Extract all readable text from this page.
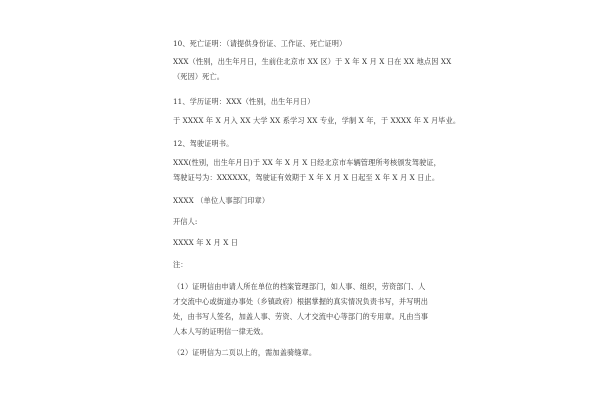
10、死亡证明：（请提供身份证、工作证、死亡证明）
XXX（性别，出生年月日，生前住北京市 XX 区）于 X 年 X 月 X 日在 XX 地点因 XX
（死因）死亡。
11、学历证明：XXX（性别，出生年月日）
于 XXXX 年 X 月入 XX 大学 XX 系学习 XX 专业，学制 X 年，于 XXXX 年 X 月毕业。
12、驾驶证明书。
XXX(性别，出生年月日)于 XX 年 X 月 X 日经北京市车辆管理所考核颁发驾驶证，
驾驶证号为：XXXXXX，驾驶证有效期于 X 年 X 月 X 日起至 X 年 X 月 X 日止。
XXXX （单位人事部门印章）
开信人:
XXXX 年 X 月 X 日
注：
（1）证明信由申请人所在单位的档案管理部门，如人事、组织，劳资部门、人
才交流中心或街道办事处（乡镇政府）根据掌握的真实情况负责书写，并写明出
处，由书写人签名，加盖人事、劳资、人才交流中心等部门的专用章。凡由当事
人本人写的证明信一律无效。
（2）证明信为二页以上的，需加盖骑缝章。
